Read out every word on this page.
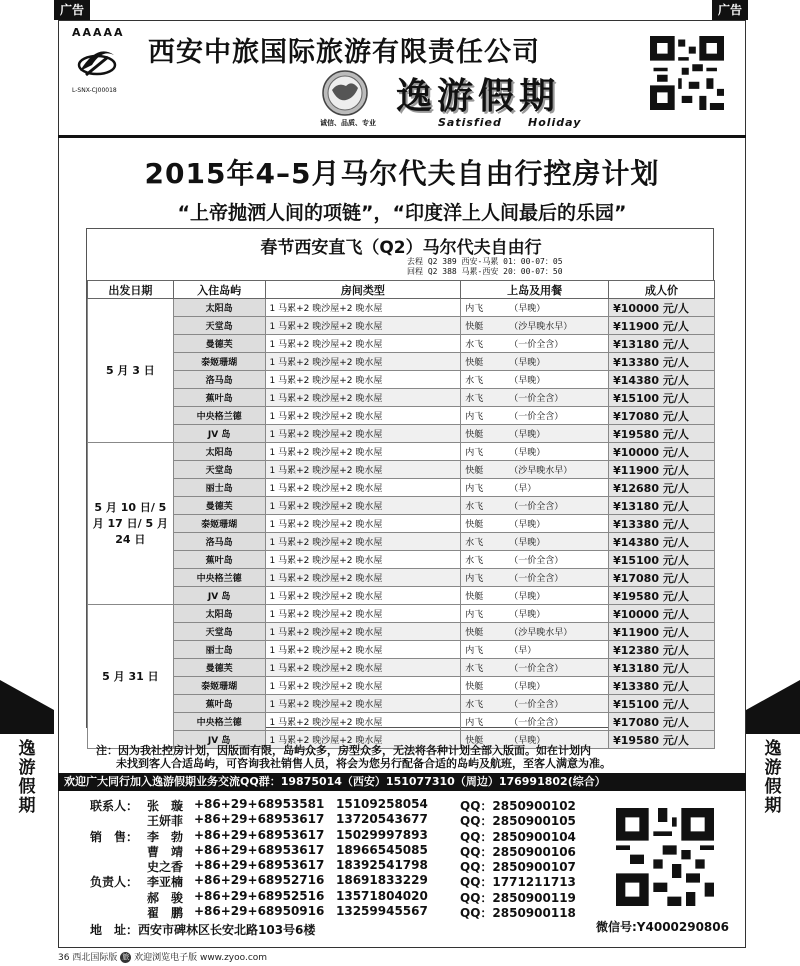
广告	广告
AAAAA
L-SNX-CJ00018
西安中旅国际旅游有限责任公司
逸游假期
诚信、品质、专业	Satisfied Holiday
2015年4–5月马尔代夫自由行控房计划
“上帝抛洒人间的项链”，“印度洋上人间最后的乐园”
春节西安直飞（Q2）马尔代夫自由行
去程 Q2 389 西安-马累 01：00-07：05
回程 Q2 388 马累-西安 20：00-07：50
出发日期	入住岛屿	房间类型	上岛及用餐	成人价
5 月 3 日	太阳岛	1 马累+2 晚沙屋+2 晚水屋	内飞 （早晚）	¥10000 元/人
	天堂岛	1 马累+2 晚沙屋+2 晚水屋	快艇 （沙早晚水早）	¥11900 元/人
	曼德芙	1 马累+2 晚沙屋+2 晚水屋	水飞 （一价全含）	¥13180 元/人
	泰姬珊瑚	1 马累+2 晚沙屋+2 晚水屋	快艇 （早晚）	¥13380 元/人
	洛马岛	1 马累+2 晚沙屋+2 晚水屋	水飞 （早晚）	¥14380 元/人
	蕉叶岛	1 马累+2 晚沙屋+2 晚水屋	水飞 （一价全含）	¥15100 元/人
	中央格兰德	1 马累+2 晚沙屋+2 晚水屋	内飞 （一价全含）	¥17080 元/人
	JV 岛	1 马累+2 晚沙屋+2 晚水屋	快艇 （早晚）	¥19580 元/人
5 月 10 日/ 5 月 17 日/ 5 月 24 日	太阳岛	1 马累+2 晚沙屋+2 晚水屋	内飞 （早晚）	¥10000 元/人
	天堂岛	1 马累+2 晚沙屋+2 晚水屋	快艇 （沙早晚水早）	¥11900 元/人
	丽士岛	1 马累+2 晚沙屋+2 晚水屋	内飞 （早）	¥12680 元/人
	曼德芙	1 马累+2 晚沙屋+2 晚水屋	水飞 （一价全含）	¥13180 元/人
	泰姬珊瑚	1 马累+2 晚沙屋+2 晚水屋	快艇 （早晚）	¥13380 元/人
	洛马岛	1 马累+2 晚沙屋+2 晚水屋	水飞 （早晚）	¥14380 元/人
	蕉叶岛	1 马累+2 晚沙屋+2 晚水屋	水飞 （一价全含）	¥15100 元/人
	中央格兰德	1 马累+2 晚沙屋+2 晚水屋	内飞 （一价全含）	¥17080 元/人
	JV 岛	1 马累+2 晚沙屋+2 晚水屋	快艇 （早晚）	¥19580 元/人
5 月 31 日	太阳岛	1 马累+2 晚沙屋+2 晚水屋	内飞 （早晚）	¥10000 元/人
	天堂岛	1 马累+2 晚沙屋+2 晚水屋	快艇 （沙早晚水早）	¥11900 元/人
	丽士岛	1 马累+2 晚沙屋+2 晚水屋	内飞 （早）	¥12380 元/人
	曼德芙	1 马累+2 晚沙屋+2 晚水屋	水飞 （一价全含）	¥13180 元/人
	泰姬珊瑚	1 马累+2 晚沙屋+2 晚水屋	快艇 （早晚）	¥13380 元/人
	蕉叶岛	1 马累+2 晚沙屋+2 晚水屋	水飞 （一价全含）	¥15100 元/人
	中央格兰德	1 马累+2 晚沙屋+2 晚水屋	内飞 （一价全含）	¥17080 元/人
	JV 岛	1 马累+2 晚沙屋+2 晚水屋	快艇 （早晚）	¥19580 元/人
逸
游
假
期
逸
游
假
期
注：因为我社控房计划，因版面有限，岛屿众多，房型众多，无法将各种计划全部入版面。如在计划内
未找到客人合适岛屿，可咨询我社销售人员，将会为您另行配备合适的岛屿及航班，至客人满意为准。
欢迎广大同行加入逸游假期业务交流QQ群：19875014（西安）151077310（周边）176991802(综合）
联系人： 张　璇 +86+29+68953581 15109258054	QQ：2850900102
王妍菲 +86+29+68953617 13720543677	QQ：2850900105
销　售： 李　勃 +86+29+68953617 15029997893	QQ：2850900104
曹　靖 +86+29+68953617 18966545085	QQ：2850900106
史之香 +86+29+68953617 18392541798	QQ：2850900107
负责人： 李亚楠 +86+29+68952716 18691833229	QQ：1771211713
郝　骏 +86+29+68952516 13571804020	QQ：2850900119
翟　鹏 +86+29+68950916 13259945567	QQ：2850900118
地　址：西安市碑林区长安北路103号6楼	微信号:Y4000290806
36 西北国际版 旅 欢迎浏览电子版 www.zyoo.com
